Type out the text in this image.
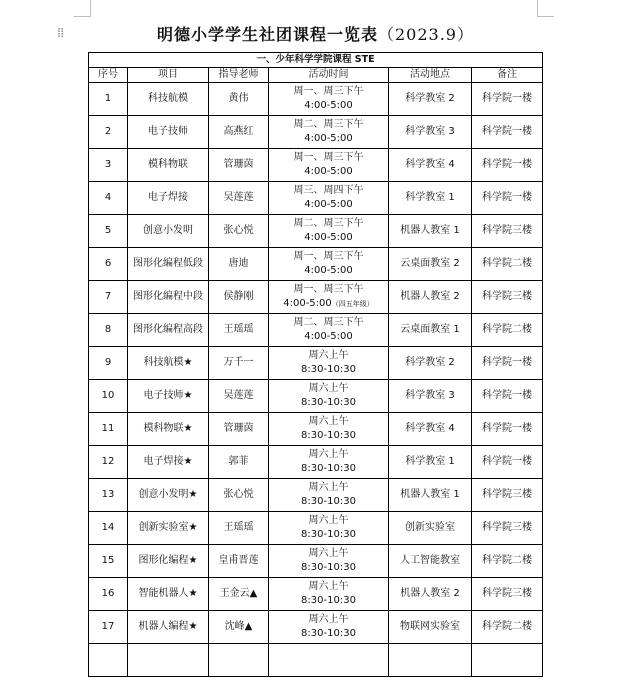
⁞⁞	明德小学学生社团课程一览表（2023.9）
一、少年科学学院课程 STE					
序号	项目	指导老师	活动时间	活动地点	备注
1	科技航模	黄伟	周一、周三下午
4:00-5:00	科学教室 2	科学院一楼
2	电子技师	高燕红	周二、周三下午
4:00-5:00	科学教室 3	科学院一楼
3	模科物联	管珊茵	周一、周三下午
4:00-5:00	科学教室 4	科学院一楼
4	电子焊接	吴莲莲	周三、周四下午
4:00-5:00	科学教室 1	科学院一楼
5	创意小发明	张心悦	周二、周三下午
4:00-5:00	机器人教室 1	科学院三楼
6	图形化编程低段	唐迪	周一、周三下午
4:00-5:00	云桌面教室 2	科学院二楼
7	图形化编程中段	侯静刚	周一、周三下午
4:00-5:00（四五年级）	机器人教室 2	科学院三楼
8	图形化编程高段	王瑶瑶	周二、周三下午
4:00-5:00	云桌面教室 1	科学院二楼
9	科技航模★	万千一	周六上午
8:30-10:30	科学教室 2	科学院一楼
10	电子技师★	吴莲莲	周六上午
8:30-10:30	科学教室 3	科学院一楼
11	模科物联★	管珊茵	周六上午
8:30-10:30	科学教室 4	科学院一楼
12	电子焊接★	郭菲	周六上午
8:30-10:30	科学教室 1	科学院一楼
13	创意小发明★	张心悦	周六上午
8:30-10:30	机器人教室 1	科学院三楼
14	创新实验室★	王瑶瑶	周六上午
8:30-10:30	创新实验室	科学院三楼
15	图形化编程★	皇甫晋莲	周六上午
8:30-10:30	人工智能教室	科学院二楼
16	智能机器人★	王金云▲	周六上午
8:30-10:30	机器人教室 2	科学院三楼
17	机器人编程★	沈峰▲	周六上午
8:30-10:30	物联网实验室	科学院二楼
